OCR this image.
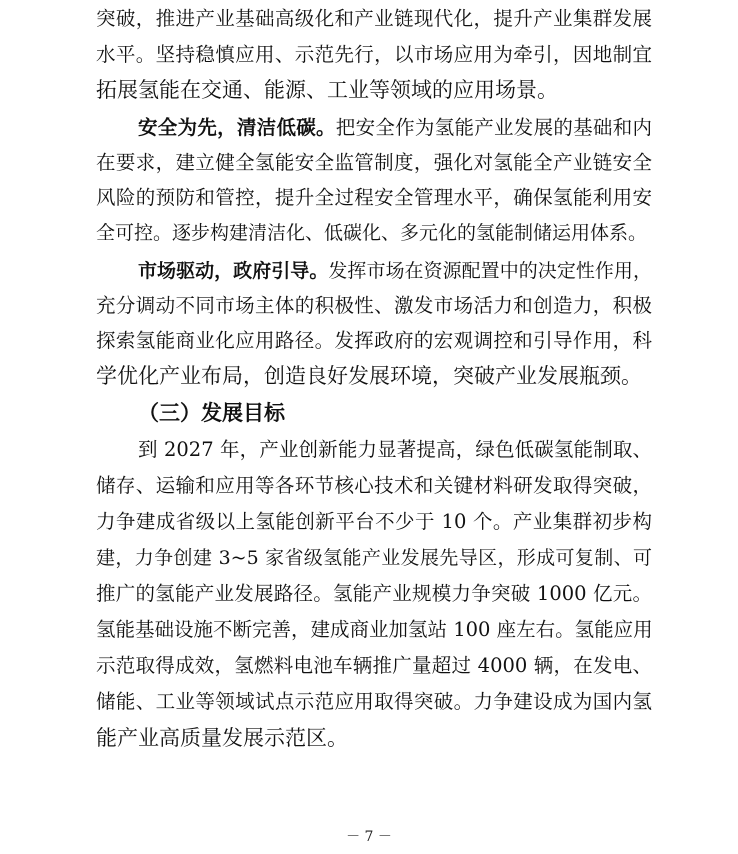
突破，推进产业基础高级化和产业链现代化，提升产业集群发展
水平。坚持稳慎应用、示范先行，以市场应用为牵引，因地制宜
拓展氢能在交通、能源、工业等领域的应用场景。
安全为先，清洁低碳。把安全作为氢能产业发展的基础和内
在要求，建立健全氢能安全监管制度，强化对氢能全产业链安全
风险的预防和管控，提升全过程安全管理水平，确保氢能利用安
全可控。逐步构建清洁化、低碳化、多元化的氢能制储运用体系。
市场驱动，政府引导。发挥市场在资源配置中的决定性作用，
充分调动不同市场主体的积极性、激发市场活力和创造力，积极
探索氢能商业化应用路径。发挥政府的宏观调控和引导作用，科
学优化产业布局，创造良好发展环境，突破产业发展瓶颈。
（三）发展目标
到 2027 年，产业创新能力显著提高，绿色低碳氢能制取、
储存、运输和应用等各环节核心技术和关键材料研发取得突破，
力争建成省级以上氢能创新平台不少于 10 个。产业集群初步构
建，力争创建 3~5 家省级氢能产业发展先导区，形成可复制、可
推广的氢能产业发展路径。氢能产业规模力争突破 1000 亿元。
氢能基础设施不断完善，建成商业加氢站 100 座左右。氢能应用
示范取得成效，氢燃料电池车辆推广量超过 4000 辆，在发电、
储能、工业等领域试点示范应用取得突破。力争建设成为国内氢
能产业高质量发展示范区。
－ 7 －
